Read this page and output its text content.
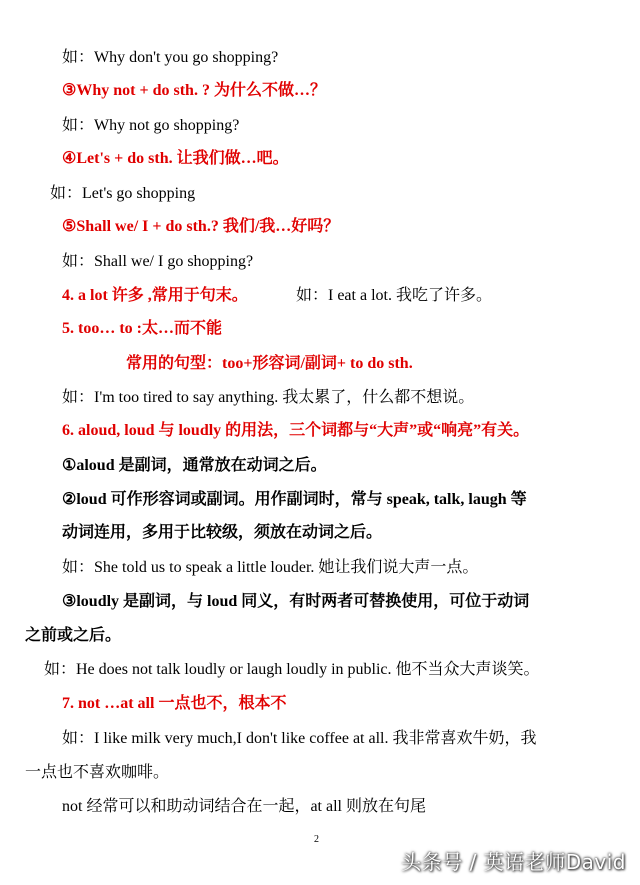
如：Why don't you go shopping?
③Why not + do sth. ? 为什么不做…？
如：Why not go shopping?
④Let's + do sth. 让我们做…吧。
如：Let's go shopping
⑤Shall we/ I + do sth.? 我们/我…好吗？
如：Shall we/ I go shopping?
4. a lot 许多 ,常用于句末。	如：I eat a lot. 我吃了许多。
5. too… to :太…而不能
常用的句型：too+形容词/副词+ to do sth.
如：I'm too tired to say anything. 我太累了，什么都不想说。
6. aloud, loud 与 loudly 的用法，三个词都与“大声”或“响亮”有关。
①aloud 是副词，通常放在动词之后。
②loud 可作形容词或副词。用作副词时，常与 speak, talk, laugh 等
动词连用，多用于比较级，须放在动词之后。
如：She told us to speak a little louder. 她让我们说大声一点。
③loudly 是副词，与 loud 同义，有时两者可替换使用，可位于动词
之前或之后。
如：He does not talk loudly or laugh loudly in public. 他不当众大声谈笑。
7. not …at all 一点也不，根本不
如：I like milk very much,I don't like coffee at all. 我非常喜欢牛奶，我
一点也不喜欢咖啡。
not 经常可以和助动词结合在一起，at all 则放在句尾
2
头条号 / 英语老师David
